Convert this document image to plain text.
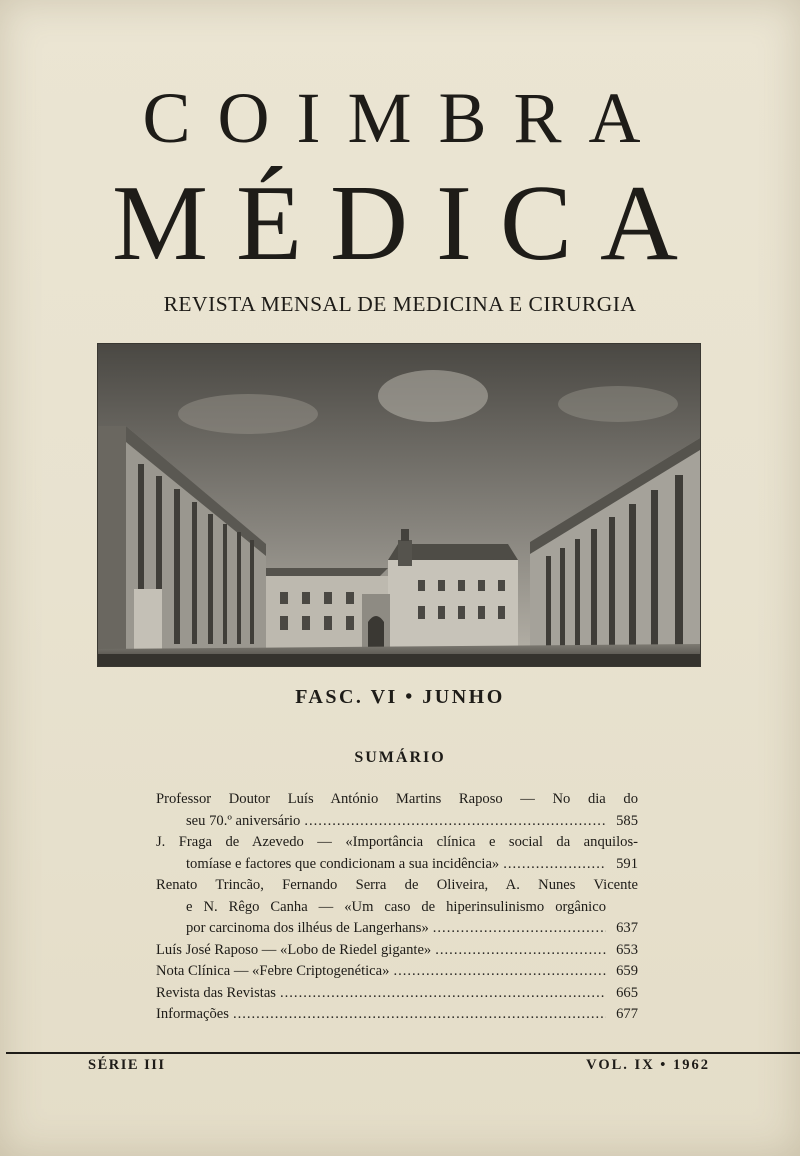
COIMBRA
MÉDICA
REVISTA MENSAL DE MEDICINA E CIRURGIA
FASC. VI • JUNHO
SUMÁRIO
Professor Doutor Luís António Martins Raposo — No dia do
seu 70.º aniversário .....	585
J. Fraga de Azevedo — «Importância clínica e social da anquilos-
tomíase e factores que condicionam a sua incidência» .....	591
Renato Trincão, Fernando Serra de Oliveira, A. Nunes Vicente
e N. Rêgo Canha — «Um caso de hiperinsulinismo orgânico
por carcinoma dos ilhéus de Langerhans» .....	637
Luís José Raposo — «Lobo de Riedel gigante» .....	653
Nota Clínica — «Febre Criptogenética» .....	659
Revista das Revistas .....	665
Informações .....	677
SÉRIE III	VOL. IX • 1962
